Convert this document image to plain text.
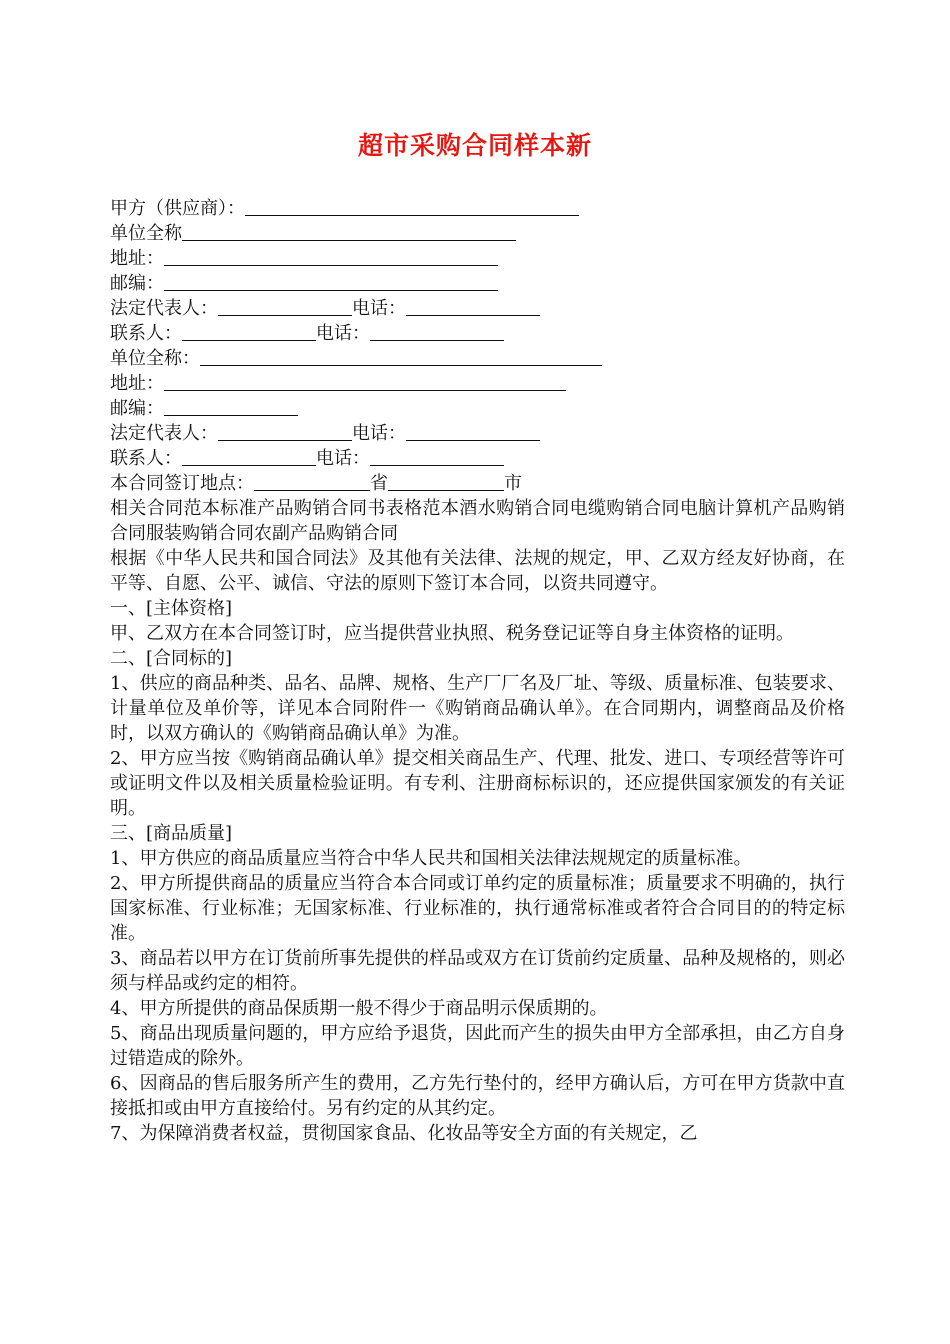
超市采购合同样本新
甲方（供应商）：
单位全称
地址：
邮编：
法定代表人：	电话：
联系人：	电话：
单位全称：
地址：
邮编：
法定代表人：	电话：
联系人：	电话：
本合同签订地点：	省	市
相关合同范本标准产品购销合同书表格范本酒水购销合同电缆购销合同电脑计算机产品购销合同服装购销合同农副产品购销合同
根据《中华人民共和国合同法》及其他有关法律、法规的规定，甲、乙双方经友好协商，在平等、自愿、公平、诚信、守法的原则下签订本合同，以资共同遵守。
一、[主体资格]
甲、乙双方在本合同签订时，应当提供营业执照、税务登记证等自身主体资格的证明。
二、[合同标的]
1、供应的商品种类、品名、品牌、规格、生产厂厂名及厂址、等级、质量标准、包装要求、计量单位及单价等，详见本合同附件一《购销商品确认单》。在合同期内，调整商品及价格时，以双方确认的《购销商品确认单》为准。
2、甲方应当按《购销商品确认单》提交相关商品生产、代理、批发、进口、专项经营等许可或证明文件以及相关质量检验证明。有专利、注册商标标识的，还应提供国家颁发的有关证明。
三、[商品质量]
1、甲方供应的商品质量应当符合中华人民共和国相关法律法规规定的质量标准。
2、甲方所提供商品的质量应当符合本合同或订单约定的质量标准；质量要求不明确的，执行国家标准、行业标准；无国家标准、行业标准的，执行通常标准或者符合合同目的的特定标准。
3、商品若以甲方在订货前所事先提供的样品或双方在订货前约定质量、品种及规格的，则必须与样品或约定的相符。
4、甲方所提供的商品保质期一般不得少于商品明示保质期的。
5、商品出现质量问题的，甲方应给予退货，因此而产生的损失由甲方全部承担，由乙方自身过错造成的除外。
6、因商品的售后服务所产生的费用，乙方先行垫付的，经甲方确认后，方可在甲方货款中直接抵扣或由甲方直接给付。另有约定的从其约定。
7、为保障消费者权益，贯彻国家食品、化妆品等安全方面的有关规定，乙
